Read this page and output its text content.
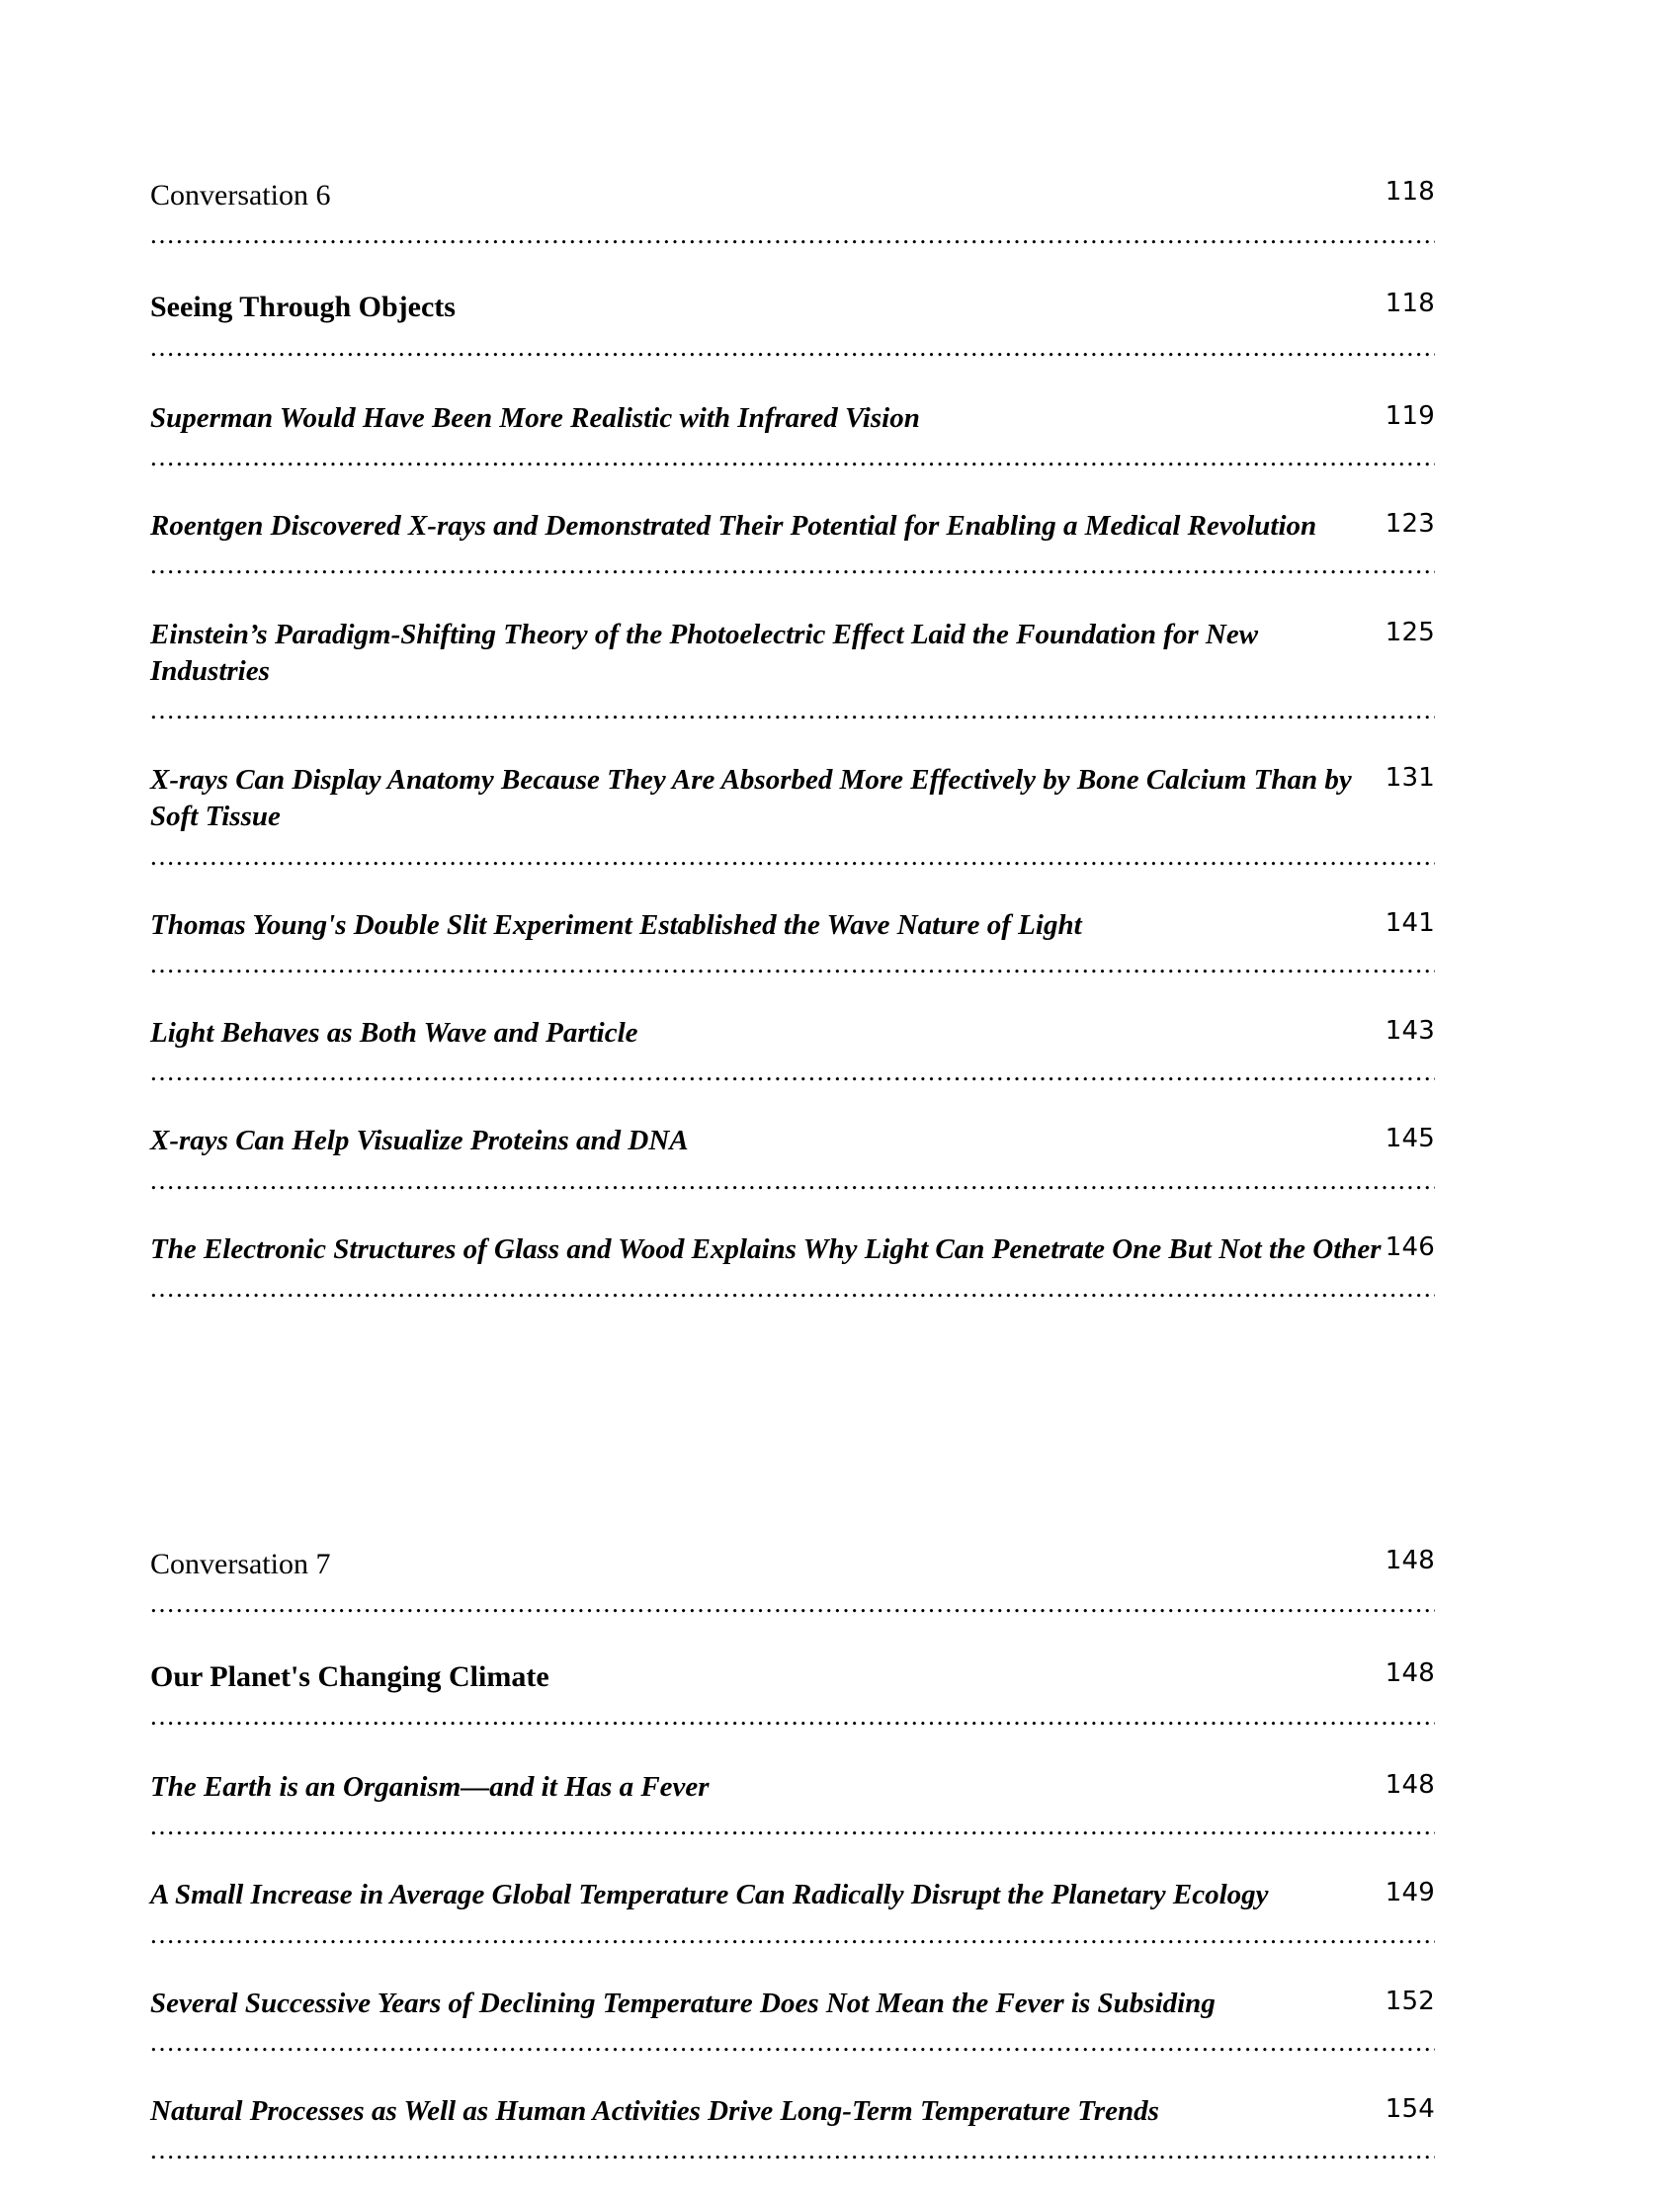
118
Conversation 6.....
118
Seeing Through Objects.....
119
Superman Would Have Been More Realistic with Infrared Vision.....
123
Roentgen Discovered X-rays and Demonstrated Their Potential for Enabling a Medical Revolution.....
125
Einstein’s Paradigm-Shifting Theory of the Photoelectric Effect Laid the Foundation for New Industries.....
131
X-rays Can Display Anatomy Because They Are Absorbed More Effectively by Bone Calcium Than by Soft Tissue.....
141
Thomas Young's Double Slit Experiment Established the Wave Nature of Light.....
143
Light Behaves as Both Wave and Particle.....
145
X-rays Can Help Visualize Proteins and DNA.....
146
The Electronic Structures of Glass and Wood Explains Why Light Can Penetrate One But Not the Other.....
148
Conversation 7.....
148
Our Planet's Changing Climate.....
148
The Earth is an Organism—and it Has a Fever.....
149
A Small Increase in Average Global Temperature Can Radically Disrupt the Planetary Ecology.....
152
Several Successive Years of Declining Temperature Does Not Mean the Fever is Subsiding.....
154
Natural Processes as Well as Human Activities Drive Long-Term Temperature Trends.....
